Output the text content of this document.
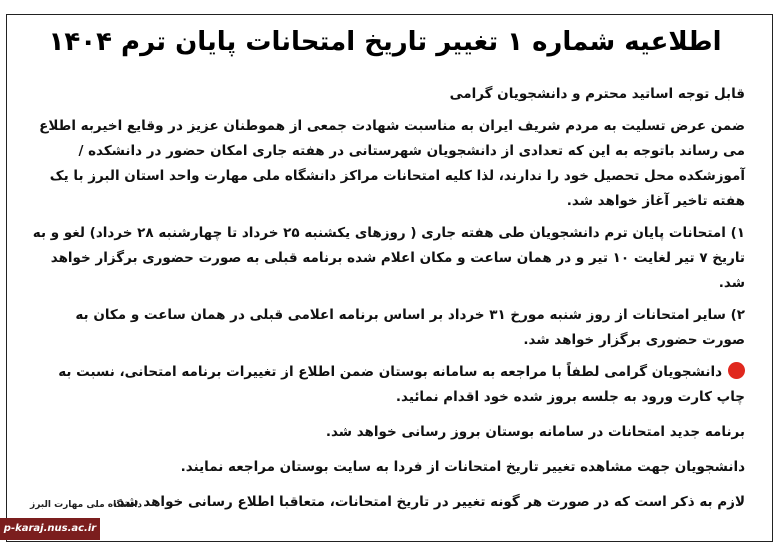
اطلاعیه شماره ۱ تغییر تاریخ امتحانات پایان ترم ۱۴۰۴

قابل توجه اساتید محترم و دانشجویان گرامی

ضمن عرض تسلیت به مردم شریف ایران به مناسبت شهادت جمعی از هموطنان عزیز در وقایع اخیربه اطلاع می رساند باتوجه به این که تعدادی از دانشجویان شهرستانی در هفته جاری امکان حضور در دانشکده /آموزشکده محل تحصیل خود را ندارند، لذا کلیه امتحانات مراکز دانشگاه ملی مهارت واحد استان البرز با یک هفته تاخیر آغاز خواهد شد.

۱) امتحانات پایان ترم دانشجویان طی هفته جاری ( روزهای یکشنبه ۲۵ خرداد تا چهارشنبه ۲۸ خرداد) لغو و به تاریخ ۷ تیر لغایت ۱۰ تیر و در همان ساعت و مکان اعلام شده برنامه قبلی به صورت حضوری برگزار خواهد شد.

۲) سایر امتحانات از روز شنبه مورخ ۳۱ خرداد بر اساس برنامه اعلامی قبلی در همان ساعت و مکان به صورت حضوری برگزار خواهد شد.

دانشجویان گرامی لطفاً با مراجعه به سامانه بوستان ضمن اطلاع از تغییرات برنامه امتحانی، نسبت به چاپ کارت ورود به جلسه بروز شده خود اقدام نمائید.

برنامه جدید امتحانات در سامانه بوستان بروز رسانی خواهد شد.

دانشجویان جهت مشاهده تغییر تاریخ امتحانات از فردا به سایت بوستان مراجعه نمایند.

لازم به ذکر است که در صورت هر گونه تغییر در تاریخ امتحانات، متعاقبا اطلاع رسانی خواهد شد.

دانشگاه ملی مهارت البرز
p-karaj.nus.ac.ir
